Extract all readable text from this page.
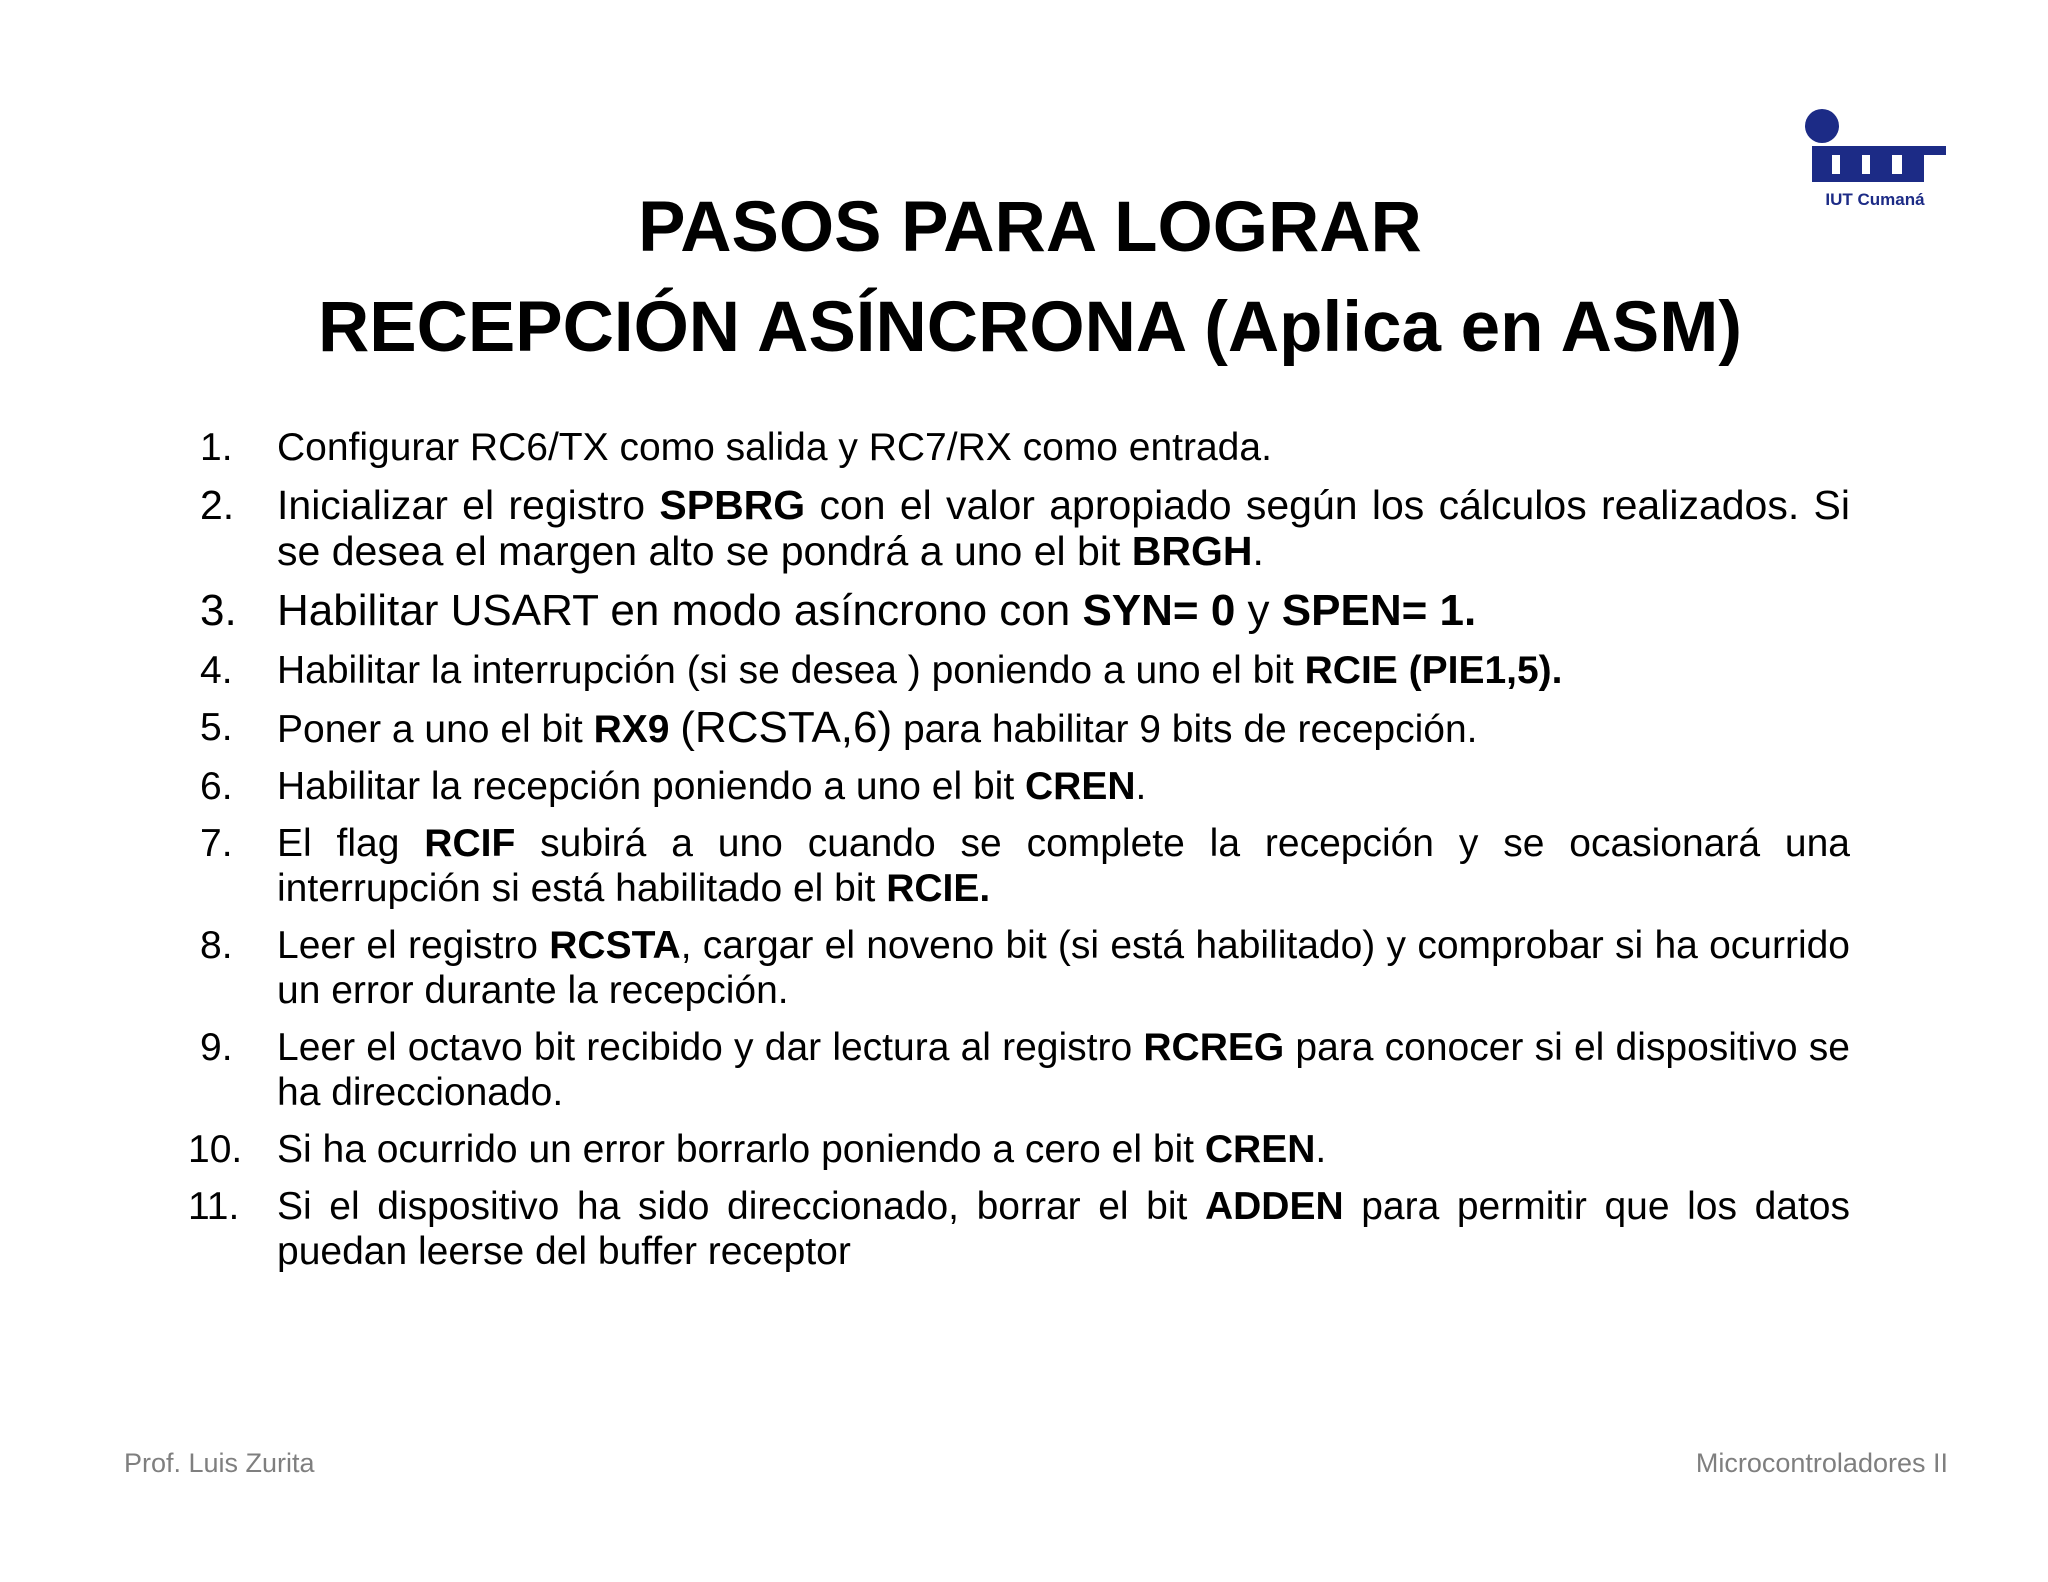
IUT Cumaná
PASOS PARA LOGRAR
RECEPCIÓN ASÍNCRONA (Aplica en ASM)
1.	Configurar RC6/TX como salida y RC7/RX como entrada.
2.	Inicializar el registro SPBRG con el valor apropiado según los cálculos realizados. Si se desea el margen alto se pondrá a uno el bit BRGH.
3. Habilitar USART en modo asíncrono con SYN= 0 y SPEN= 1.
4.	Habilitar la interrupción (si se desea ) poniendo a uno el bit RCIE (PIE1,5).
5.	Poner a uno el bit RX9 (RCSTA,6) para habilitar 9 bits de recepción.
6.	Habilitar la recepción poniendo a uno el bit CREN.
7.	El flag RCIF subirá a uno cuando se complete la recepción y se ocasionará una interrupción si está habilitado el bit RCIE.
8.	Leer el registro RCSTA, cargar el noveno bit (si está habilitado) y comprobar si ha ocurrido un error durante la recepción.
9.	Leer el octavo bit recibido y dar lectura al registro RCREG para conocer si el dispositivo se ha direccionado.
10. Si ha ocurrido un error borrarlo poniendo a cero el bit CREN.
11. Si el dispositivo ha sido direccionado, borrar el bit ADDEN para permitir que los datos puedan leerse del buffer receptor
Prof. Luis Zurita	Microcontroladores II
